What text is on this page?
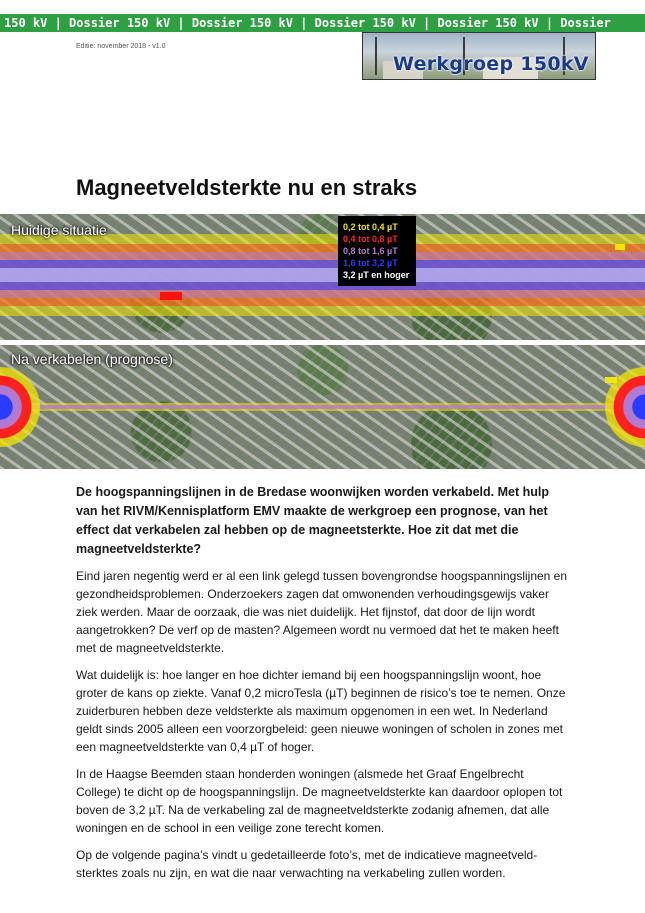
150 kV | Dossier 150 kV | Dossier 150 kV | Dossier 150 kV | Dossier 150 kV | Dossier
Editie: november 2018 - v1.0
Werkgroep 150kV
Magneetveldsterkte nu en straks
Huidige situatie	0,2 tot 0,4 µT
0,4 tot 0,8 µT
0,8 tot 1,6 µT
1,6 tot 3,2 µT
3,2 µT en hoger
Na verkabelen (prognose)

De hoogspanningslijnen in de Bredase woonwijken worden verkabeld. Met hulp van het RIVM/Kennisplatform EMV maakte de werkgroep een prognose, van het effect dat verkabelen zal hebben op de magneetsterkte. Hoe zit dat met die magneetveldsterkte?

Eind jaren negentig werd er al een link gelegd tussen bovengrondse hoogspanningslijnen en gezondheidsproblemen. Onderzoekers zagen dat omwonenden verhoudingsgewijs vaker ziek werden. Maar de oorzaak, die was niet duidelijk. Het fijnstof, dat door de lijn wordt aangetrokken? De verf op de masten? Algemeen wordt nu vermoed dat het te maken heeft met de magneetveldsterkte.

Wat duidelijk is: hoe langer en hoe dichter iemand bij een hoogspanningslijn woont, hoe groter de kans op ziekte. Vanaf 0,2 microTesla (µT) beginnen de risico’s toe te nemen. Onze zuiderburen hebben deze veldsterkte als maximum opgenomen in een wet. In Nederland geldt sinds 2005 alleen een voorzorgbeleid: geen nieuwe woningen of scholen in zones met een magneetveldsterkte van 0,4 µT of hoger.

In de Haagse Beemden staan honderden woningen (alsmede het Graaf Engelbrecht College) te dicht op de hoogspanningslijn. De magneetveldsterkte kan daardoor oplopen tot boven de 3,2 µT. Na de verkabeling zal de magneetveldsterkte zodanig afnemen, dat alle woningen en de school in een veilige zone terecht komen.

Op de volgende pagina’s vindt u gedetailleerde foto’s, met de indicatieve magneetveld-sterktes zoals nu zijn, en wat die naar verwachting na verkabeling zullen worden.
